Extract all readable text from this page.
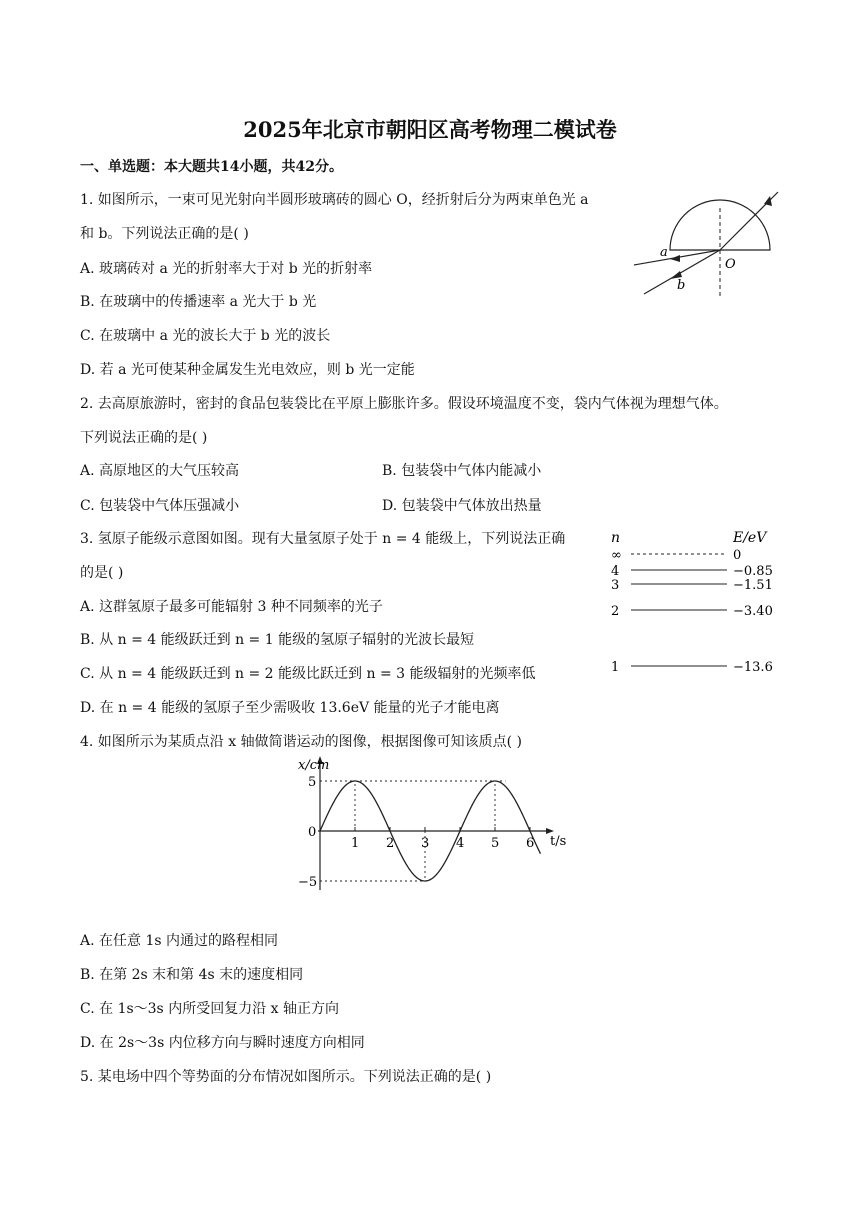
2025年北京市朝阳区高考物理二模试卷
一、单选题：本大题共14小题，共42分。
1. 如图所示，一束可见光射向半圆形玻璃砖的圆心 O，经折射后分为两束单色光 a
和 b。下列说法正确的是( )
A. 玻璃砖对 a 光的折射率大于对 b 光的折射率
B. 在玻璃中的传播速率 a 光大于 b 光
C. 在玻璃中 a 光的波长大于 b 光的波长
D. 若 a 光可使某种金属发生光电效应，则 b 光一定能
a
b
O
2. 去高原旅游时，密封的食品包装袋比在平原上膨胀许多。假设环境温度不变，袋内气体视为理想气体。
下列说法正确的是( )
A. 高原地区的大气压较高	B. 包装袋中气体内能减小
C. 包装袋中气体压强减小	D. 包装袋中气体放出热量
3. 氢原子能级示意图如图。现有大量氢原子处于 n = 4 能级上，下列说法正确
的是( )
A. 这群氢原子最多可能辐射 3 种不同频率的光子
B. 从 n = 4 能级跃迁到 n = 1 能级的氢原子辐射的光波长最短
C. 从 n = 4 能级跃迁到 n = 2 能级比跃迁到 n = 3 能级辐射的光频率低
D. 在 n = 4 能级的氢原子至少需吸收 13.6eV 能量的光子才能电离
n	E/eV
∞	0
4	−0.85
3	−1.51
2	−3.40
1	−13.6
4. 如图所示为某质点沿 x 轴做简谐运动的图像，根据图像可知该质点( )
x/cm
t/s
1 2 3 4 5 6
5
0
−5
A. 在任意 1s 内通过的路程相同
B. 在第 2s 末和第 4s 末的速度相同
C. 在 1s～3s 内所受回复力沿 x 轴正方向
D. 在 2s～3s 内位移方向与瞬时速度方向相同
5. 某电场中四个等势面的分布情况如图所示。下列说法正确的是( )
